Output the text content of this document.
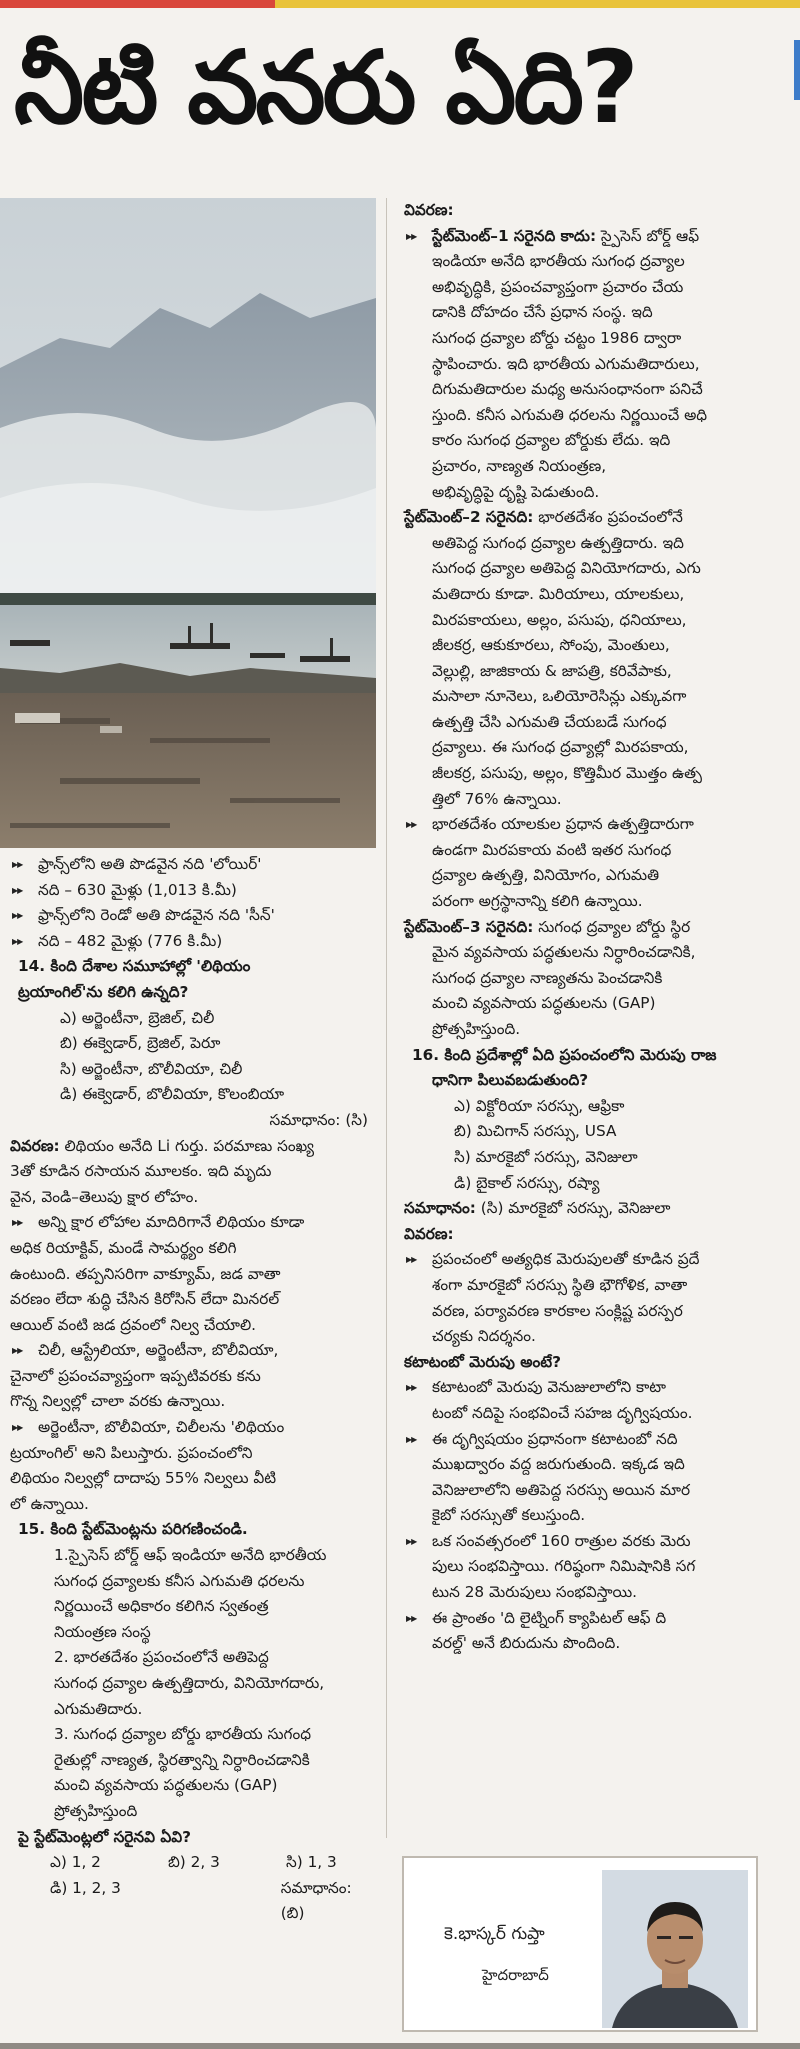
నీటి వనరు ఏది?

▶▶ ఫ్రాన్స్‌లోని అతి పొడవైన నది 'లోయిర్'

▶▶ నది – 630 మైళ్లు (1,013 కి.మీ)

▶▶ ఫ్రాన్స్‌లోని రెండో అతి పొడవైన నది 'సీన్'

▶▶ నది – 482 మైళ్లు (776 కి.మీ)

14. కింది దేశాల సమూహాల్లో 'లిథియం

ట్రయాంగిల్'ను కలిగి ఉన్నది?

ఎ) అర్జెంటీనా, బ్రెజిల్, చిలీ

బి) ఈక్వెడార్, బ్రెజిల్, పెరూ

సి) అర్జెంటీనా, బొలీవియా, చిలీ

డి) ఈక్వెడార్, బొలీవియా, కొలంబియా

సమాధానం: (సి)

వివరణ: లిథియం అనేది Li గుర్తు. పరమాణు సంఖ్య

3తో కూడిన రసాయన మూలకం. ఇది మృదు

వైన, వెండి–తెలుపు క్షార లోహం.

▶▶ అన్ని క్షార లోహాల మాదిరిగానే లిథియం కూడా

అధిక రియాక్టివ్, మండే సామర్థ్యం కలిగి

ఉంటుంది. తప్పనిసరిగా వాక్యూమ్, జడ వాతా

వరణం లేదా శుద్ధి చేసిన కిరోసిన్ లేదా మినరల్

ఆయిల్ వంటి జడ ద్రవంలో నిల్వ చేయాలి.

▶▶ చిలీ, ఆస్ట్రేలియా, అర్జెంటీనా, బొలీవియా,

చైనాలో ప్రపంచవ్యాప్తంగా ఇప్పటివరకు కను

గొన్న నిల్వల్లో చాలా వరకు ఉన్నాయి.

▶▶ అర్జెంటీనా, బొలీవియా, చిలీలను 'లిథియం

ట్రయాంగిల్' అని పిలుస్తారు. ప్రపంచంలోని

లిథియం నిల్వల్లో దాదాపు 55% నిల్వలు వీటి

లో ఉన్నాయి.

15. కింది స్టేట్‌మెంట్లను పరిగణించండి.

1.స్పైసెస్ బోర్డ్ ఆఫ్ ఇండియా అనేది భారతీయ

సుగంధ ద్రవ్యాలకు కనీస ఎగుమతి ధరలను

నిర్ణయించే అధికారం కలిగిన స్వతంత్ర

నియంత్రణ సంస్థ

2. భారతదేశం ప్రపంచంలోనే అతిపెద్ద

సుగంధ ద్రవ్యాల ఉత్పత్తిదారు, వినియోగదారు,

ఎగుమతిదారు.

3. సుగంధ ద్రవ్యాల బోర్డు భారతీయ సుగంధ

రైతుల్లో నాణ్యత, స్థిరత్వాన్ని నిర్ధారించడానికి

మంచి వ్యవసాయ పద్ధతులను (GAP)

ప్రోత్సహిస్తుంది

పై స్టేట్‌మెంట్లలో సరైనవి ఏవి?

ఎ) 1, 2	బి) 2, 3	సి) 1, 3
డి) 1, 2, 3	సమాధానం: (బి)

వివరణ:

▶▶ స్టేట్‌మెంట్–1 సరైనది కాదు: స్పైసెస్ బోర్డ్ ఆఫ్

ఇండియా అనేది భారతీయ సుగంధ ద్రవ్యాల

అభివృద్ధికి, ప్రపంచవ్యాప్తంగా ప్రచారం చేయ

డానికి దోహదం చేసే ప్రధాన సంస్థ. ఇది

సుగంధ ద్రవ్యాల బోర్డు చట్టం 1986 ద్వారా

స్థాపించారు. ఇది భారతీయ ఎగుమతిదారులు,

దిగుమతిదారుల మధ్య అనుసంధానంగా పనిచే

స్తుంది. కనీస ఎగుమతి ధరలను నిర్ణయించే అధి

కారం సుగంధ ద్రవ్యాల బోర్డుకు లేదు. ఇది

ప్రచారం, నాణ్యత నియంత్రణ,

అభివృద్ధిపై దృష్టి పెడుతుంది.

స్టేట్‌మెంట్–2 సరైనది: భారతదేశం ప్రపంచంలోనే

అతిపెద్ద సుగంధ ద్రవ్యాల ఉత్పత్తిదారు. ఇది

సుగంధ ద్రవ్యాల అతిపెద్ద వినియోగదారు, ఎగు

మతిదారు కూడా. మిరియాలు, యాలకులు,

మిరపకాయలు, అల్లం, పసుపు, ధనియాలు,

జీలకర్ర, ఆకుకూరలు, సోంపు, మెంతులు,

వెల్లుల్లి, జాజికాయ & జాపత్రి, కరివేపాకు,

మసాలా నూనెలు, ఒలియోరెసిన్లు ఎక్కువగా

ఉత్పత్తి చేసి ఎగుమతి చేయబడే సుగంధ

ద్రవ్యాలు. ఈ సుగంధ ద్రవ్యాల్లో మిరపకాయ,

జీలకర్ర, పసుపు, అల్లం, కొత్తిమీర మొత్తం ఉత్ప

త్తిలో 76% ఉన్నాయి.

▶▶ భారతదేశం యాలకుల ప్రధాన ఉత్పత్తిదారుగా

ఉండగా మిరపకాయ వంటి ఇతర సుగంధ

ద్రవ్యాల ఉత్పత్తి, వినియోగం, ఎగుమతి

పరంగా అగ్రస్థానాన్ని కలిగి ఉన్నాయి.

స్టేట్‌మెంట్–3 సరైనది: సుగంధ ద్రవ్యాల బోర్డు స్థిర

మైన వ్యవసాయ పద్ధతులను నిర్ధారించడానికి,

సుగంధ ద్రవ్యాల నాణ్యతను పెంచడానికి

మంచి వ్యవసాయ పద్ధతులను (GAP)

ప్రోత్సహిస్తుంది.

16. కింది ప్రదేశాల్లో ఏది ప్రపంచంలోని మెరుపు రాజ

ధానిగా పిలువబడుతుంది?

ఎ) విక్టోరియా సరస్సు, ఆఫ్రికా

బి) మిచిగాన్ సరస్సు, USA

సి) మారకైబో సరస్సు, వెనిజులా

డి) బైకాల్ సరస్సు, రష్యా

సమాధానం: (సి) మారకైబో సరస్సు, వెనిజులా

వివరణ:

▶▶ ప్రపంచంలో అత్యధిక మెరుపులతో కూడిన ప్రదే

శంగా మారకైబో సరస్సు స్థితి భౌగోళిక, వాతా

వరణ, పర్యావరణ కారకాల సంక్లిష్ట పరస్పర

చర్యకు నిదర్శనం.

కటాటంబో మెరుపు అంటే?

▶▶ కటాటంబో మెరుపు వెనుజులాలోని కాటా

టంబో నదిపై సంభవించే సహజ దృగ్విషయం.

▶▶ ఈ దృగ్విషయం ప్రధానంగా కటాటంబో నది

ముఖద్వారం వద్ద జరుగుతుంది. ఇక్కడ ఇది

వెనిజులాలోని అతిపెద్ద సరస్సు అయిన మార

కైబో సరస్సుతో కలుస్తుంది.

▶▶ ఒక సంవత్సరంలో 160 రాత్రుల వరకు మెరు

పులు సంభవిస్తాయి. గరిష్ఠంగా నిమిషానికి సగ

టున 28 మెరుపులు సంభవిస్తాయి.

▶▶ ఈ ప్రాంతం 'ది లైట్నింగ్ క్యాపిటల్ ఆఫ్ ది

వరల్డ్' అనే బిరుదును పొందింది.

కె.భాస్కర్ గుప్తా
హైదరాబాద్
